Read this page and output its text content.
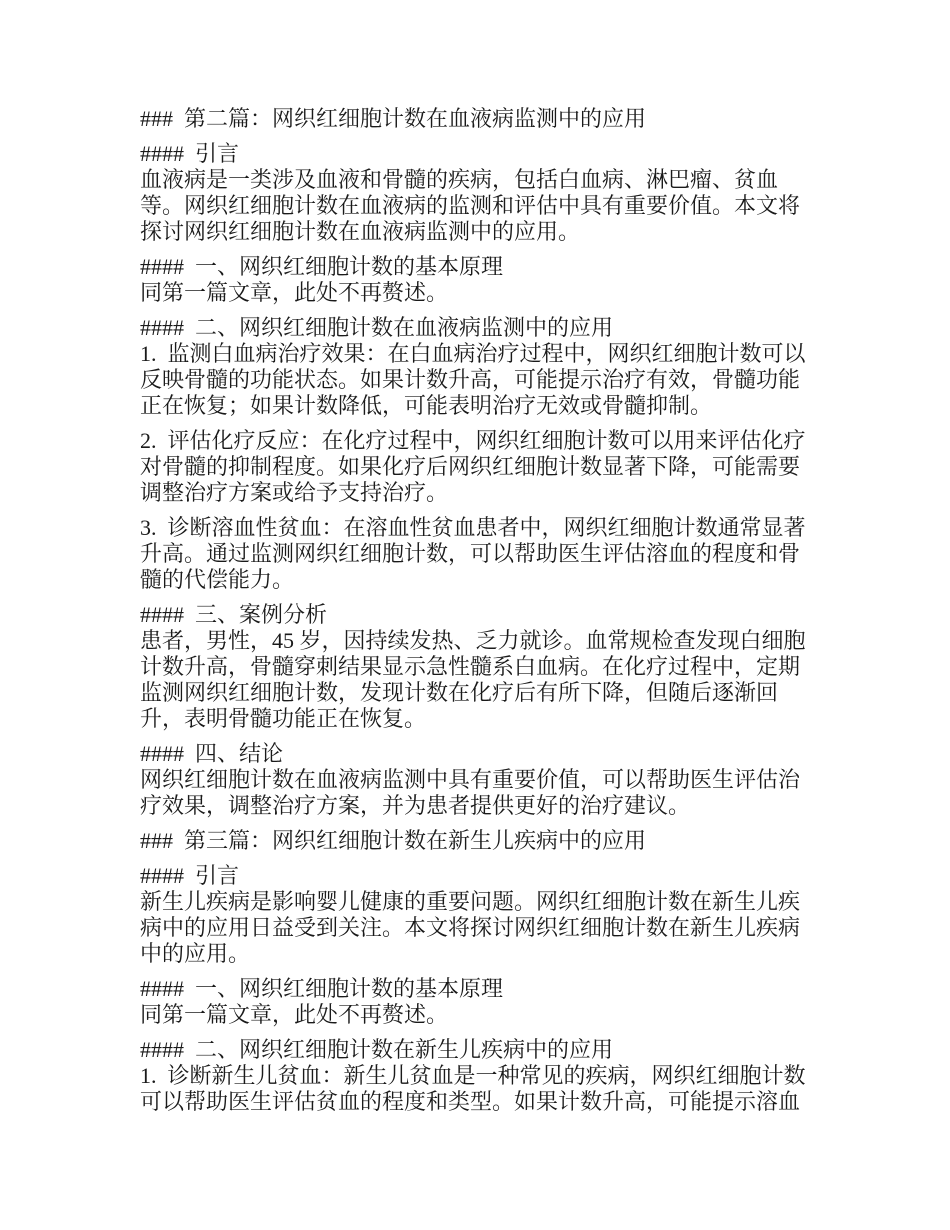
###  第二篇：网织红细胞计数在血液病监测中的应用
####  引言
血液病是一类涉及血液和骨髓的疾病，包括白血病、淋巴瘤、贫血
等。网织红细胞计数在血液病的监测和评估中具有重要价值。本文将
探讨网织红细胞计数在血液病监测中的应用。
####  一、网织红细胞计数的基本原理
同第一篇文章，此处不再赘述。
####  二、网织红细胞计数在血液病监测中的应用
1.  监测白血病治疗效果：在白血病治疗过程中，网织红细胞计数可以
反映骨髓的功能状态。如果计数升高，可能提示治疗有效，骨髓功能
正在恢复；如果计数降低，可能表明治疗无效或骨髓抑制。
2.  评估化疗反应：在化疗过程中，网织红细胞计数可以用来评估化疗
对骨髓的抑制程度。如果化疗后网织红细胞计数显著下降，可能需要
调整治疗方案或给予支持治疗。
3.  诊断溶血性贫血：在溶血性贫血患者中，网织红细胞计数通常显著
升高。通过监测网织红细胞计数，可以帮助医生评估溶血的程度和骨
髓的代偿能力。
####  三、案例分析
患者，男性，45 岁，因持续发热、乏力就诊。血常规检查发现白细胞
计数升高，骨髓穿刺结果显示急性髓系白血病。在化疗过程中，定期
监测网织红细胞计数，发现计数在化疗后有所下降，但随后逐渐回
升，表明骨髓功能正在恢复。
####  四、结论
网织红细胞计数在血液病监测中具有重要价值，可以帮助医生评估治
疗效果，调整治疗方案，并为患者提供更好的治疗建议。
###  第三篇：网织红细胞计数在新生儿疾病中的应用
####  引言
新生儿疾病是影响婴儿健康的重要问题。网织红细胞计数在新生儿疾
病中的应用日益受到关注。本文将探讨网织红细胞计数在新生儿疾病
中的应用。
####  一、网织红细胞计数的基本原理
同第一篇文章，此处不再赘述。
####  二、网织红细胞计数在新生儿疾病中的应用
1.  诊断新生儿贫血：新生儿贫血是一种常见的疾病，网织红细胞计数
可以帮助医生评估贫血的程度和类型。如果计数升高，可能提示溶血
